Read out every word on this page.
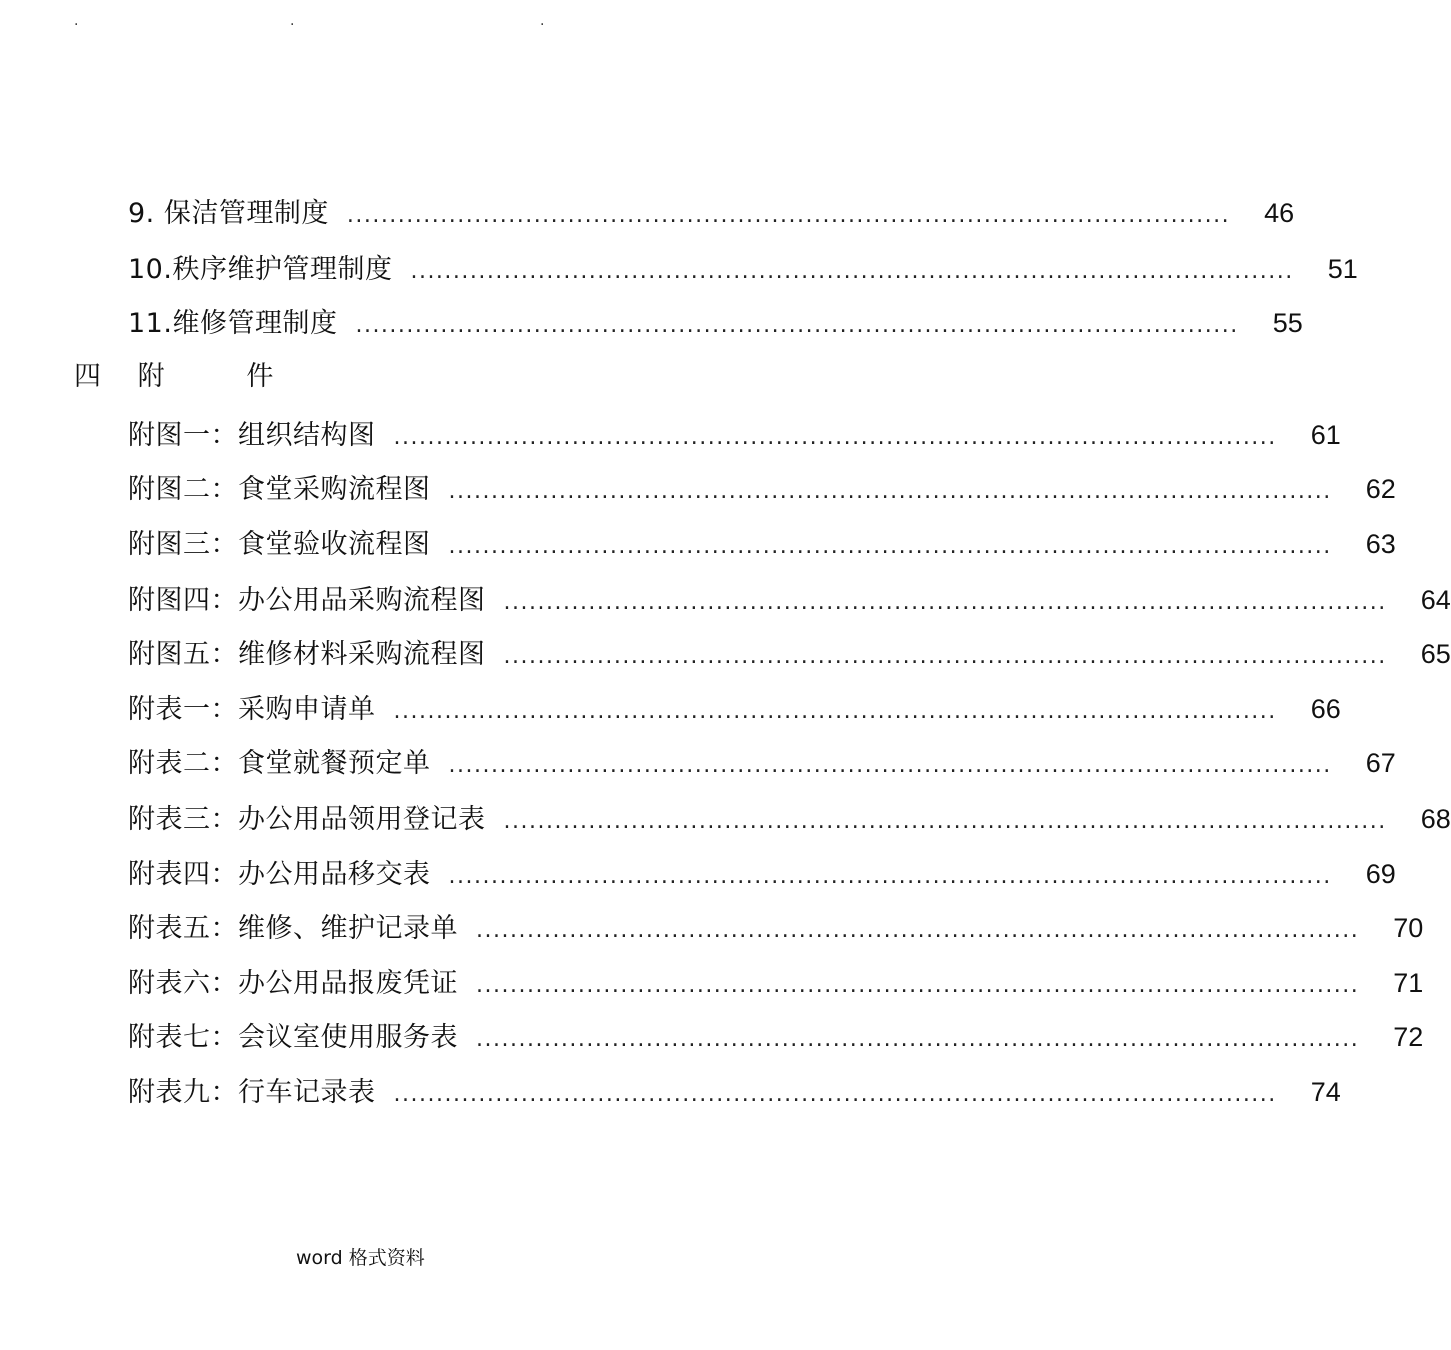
.	.	.
9. 保洁管理制度 ........................................................................................................ 46
10.秩序维护管理制度 ........................................................................................................ 51
11.维修管理制度 ........................................................................................................ 55
四 附   件
附图一：组织结构图 ........................................................................................................ 61
附图二：食堂采购流程图 ........................................................................................................ 62
附图三：食堂验收流程图 ........................................................................................................ 63
附图四：办公用品采购流程图 ........................................................................................................ 64
附图五：维修材料采购流程图 ........................................................................................................ 65
附表一：采购申请单 ........................................................................................................ 66
附表二：食堂就餐预定单 ........................................................................................................ 67
附表三：办公用品领用登记表 ........................................................................................................ 68
附表四：办公用品移交表 ........................................................................................................ 69
附表五：维修、维护记录单 ........................................................................................................ 70
附表六：办公用品报废凭证 ........................................................................................................ 71
附表七：会议室使用服务表 ........................................................................................................ 72
附表九：行车记录表 ........................................................................................................ 74
word 格式资料
